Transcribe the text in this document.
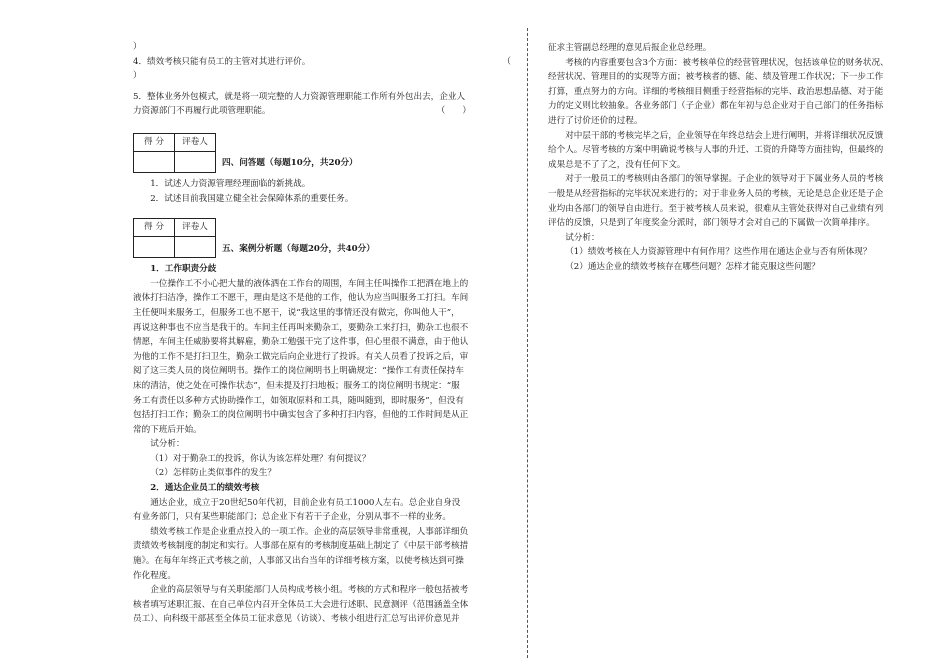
）

4．绩效考核只能有员工的主管对其进行评价。	（

）

5．整体业务外包模式，就是将一项完整的人力资源管理职能工作所有外包出去，企业人

力资源部门不再履行此项管理职能。	（　　）
得 分	评卷人

四、问答题（每题10分，共20分）

1．试述人力资源管理经理面临的新挑战。

2．试述目前我国建立健全社会保障体系的重要任务。

得 分	评卷人

五、案例分析题（每题20分，共40分）

1．工作职责分歧

一位操作工不小心把大量的液体洒在工作台的周围，车间主任叫操作工把洒在地上的

液体打扫洁净，操作工不愿干，理由是这不是他的工作，他认为应当叫服务工打扫。车间

主任便叫来服务工，但服务工也不愿干，说“我这里的事情还没有做完，你叫他人干”，

再说这种事也不应当是我干的。车间主任再叫来勤杂工，要勤杂工来打扫，勤杂工也很不

情愿，车间主任威胁要将其解雇，勤杂工勉强干完了这件事，但心里很不满意，由于他认

为他的工作不是打扫卫生，勤杂工做完后向企业进行了投诉。有关人员看了投诉之后，审

阅了这三类人员的岗位阐明书。操作工的岗位阐明书上明确规定：“操作工有责任保持车

床的清洁，使之处在可操作状态”，但未提及打扫地板；服务工的岗位阐明书规定：“服

务工有责任以多种方式协助操作工，如领取原料和工具，随叫随到，即时服务”，但没有

包括打扫工作；勤杂工的岗位阐明书中确实包含了多种打扫内容，但他的工作时间是从正

常的下班后开始。

试分析：

（1）对于勤杂工的投诉，你认为该怎样处理？有何提议？

（2）怎样防止类似事件的发生？

2．通达企业员工的绩效考核

通达企业，成立于20世纪50年代初，目前企业有员工1000人左右。总企业自身没

有业务部门，只有某些职能部门；总企业下有若干子企业，分别从事不一样的业务。

绩效考核工作是企业重点投入的一项工作。企业的高层领导非常重视，人事部详细负

责绩效考核制度的制定和实行。人事部在原有的考核制度基础上制定了《中层干部考核措

施》。在每年年终正式考核之前，人事部又出台当年的详细考核方案，以使考核达到可操

作化程度。

企业的高层领导与有关职能部门人员构成考核小组。考核的方式和程序一般包括被考

核者填写述职汇报、在自己单位内召开全体员工大会进行述职、民意测评（范围涵盖全体

员工）、向科级干部甚至全体员工征求意见（访谈）、考核小组进行汇总写出评价意见并

征求主管副总经理的意见后报企业总经理。

考核的内容重要包含3个方面：被考核单位的经营管理状况，包括该单位的财务状况、

经营状况、管理目的的实现等方面；被考核者的德、能、绩及管理工作状况；下一步工作

打算，重点努力的方向。详细的考核细目侧重于经营指标的完毕、政治思想品德、对于能

力的定义则比较抽象。各业务部门（子企业）都在年初与总企业对于自己部门的任务指标

进行了讨价还价的过程。

对中层干部的考核完毕之后，企业领导在年终总结会上进行阐明，并将详细状况反馈

给个人。尽管考核的方案中明确说考核与人事的升迁、工资的升降等方面挂钩，但最终的

成果总是不了了之，没有任何下文。

对于一般员工的考核则由各部门的领导掌握。子企业的领导对于下属业务人员的考核

一般是从经营指标的完毕状况来进行的；对于非业务人员的考核，无论是总企业还是子企

业均由各部门的领导自由进行。至于被考核人员来说，很难从主管处获得对自己业绩有列

评估的反馈，只是到了年度奖金分派时，部门领导才会对自己的下属做一次简单排序。

试分析：

（1）绩效考核在人力资源管理中有何作用？这些作用在通达企业与否有所体现？

（2）通达企业的绩效考核存在哪些问题？怎样才能克服这些问题？
